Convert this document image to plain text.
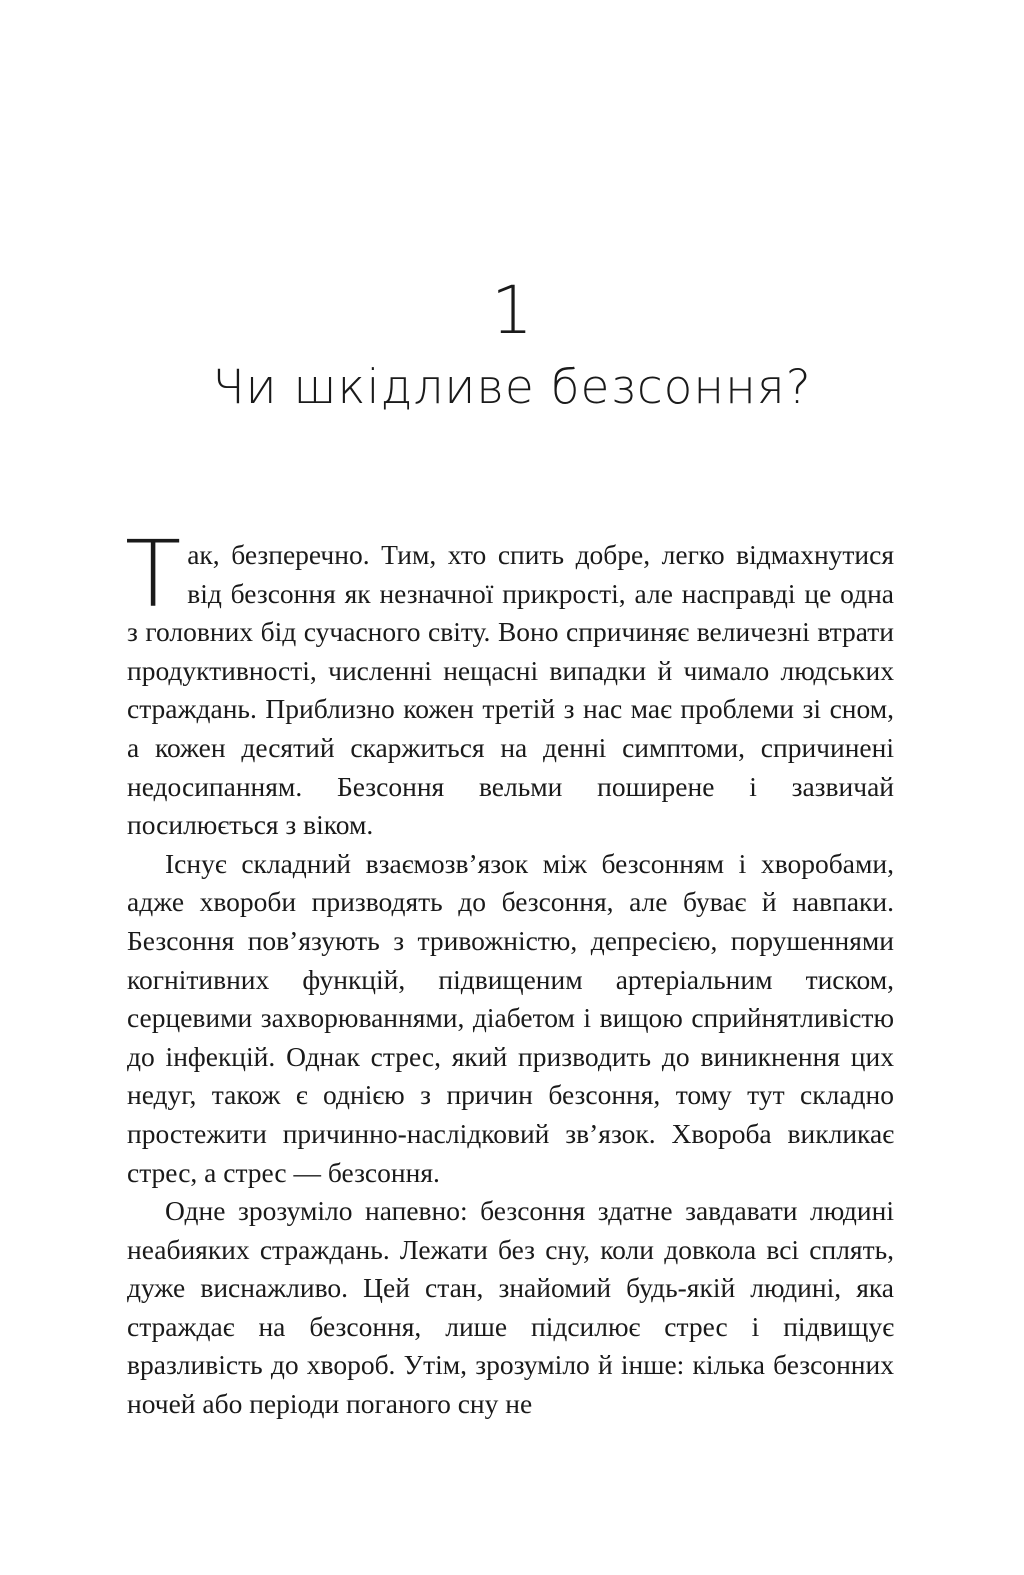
1
Чи шкідливе безсоння?

Так, безперечно. Тим, хто спить добре, легко відмахнутися від безсоння як незначної прикрості, але насправді це одна з головних бід сучасного світу. Воно спричиняє величезні втрати продуктивності, численні нещасні випадки й чимало людських страждань. Приблизно кожен третій з нас має проблеми зі сном, а кожен десятий скаржиться на денні симптоми, спричинені недосипанням. Безсоння вельми поширене і зазвичай посилюється з віком.

Існує складний взаємозв’язок між безсонням і хворобами, адже хвороби призводять до безсоння, але буває й навпаки. Безсоння пов’язують з тривожністю, депресією, порушеннями когнітивних функцій, підвищеним артеріальним тиском, серцевими захворюваннями, діабетом і вищою сприйнятливістю до інфекцій. Однак стрес, який призводить до виникнення цих недуг, також є однією з причин безсоння, тому тут складно простежити причинно-наслідковий зв’язок. Хвороба викликає стрес, а стрес — безсоння.

Одне зрозуміло напевно: безсоння здатне завдавати людині неабияких страждань. Лежати без сну, коли довкола всі сплять, дуже виснажливо. Цей стан, знайомий будь-якій людині, яка страждає на безсоння, лише підсилює стрес і підвищує вразливість до хвороб. Утім, зрозуміло й інше: кілька безсонних ночей або періоди поганого сну не
